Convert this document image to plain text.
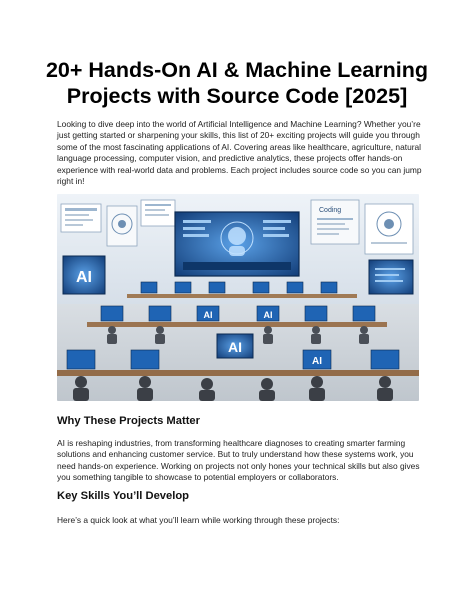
20+ Hands-On AI & Machine Learning Projects with Source Code [2025]

Looking to dive deep into the world of Artificial Intelligence and Machine Learning? Whether you’re just getting started or sharpening your skills, this list of 20+ exciting projects will guide you through some of the most fascinating applications of AI. Covering areas like healthcare, agriculture, natural language processing, computer vision, and predictive analytics, these projects offer hands-on experience with real-world data and problems. Each project includes source code so you can jump right in!

AI
Coding
AI	AI
AI
AI
Why These Projects Matter

AI is reshaping industries, from transforming healthcare diagnoses to creating smarter farming solutions and enhancing customer service. But to truly understand how these systems work, you need hands-on experience. Working on projects not only hones your technical skills but also gives you something tangible to showcase to potential employers or collaborators.

Key Skills You’ll Develop

Here’s a quick look at what you’ll learn while working through these projects:
